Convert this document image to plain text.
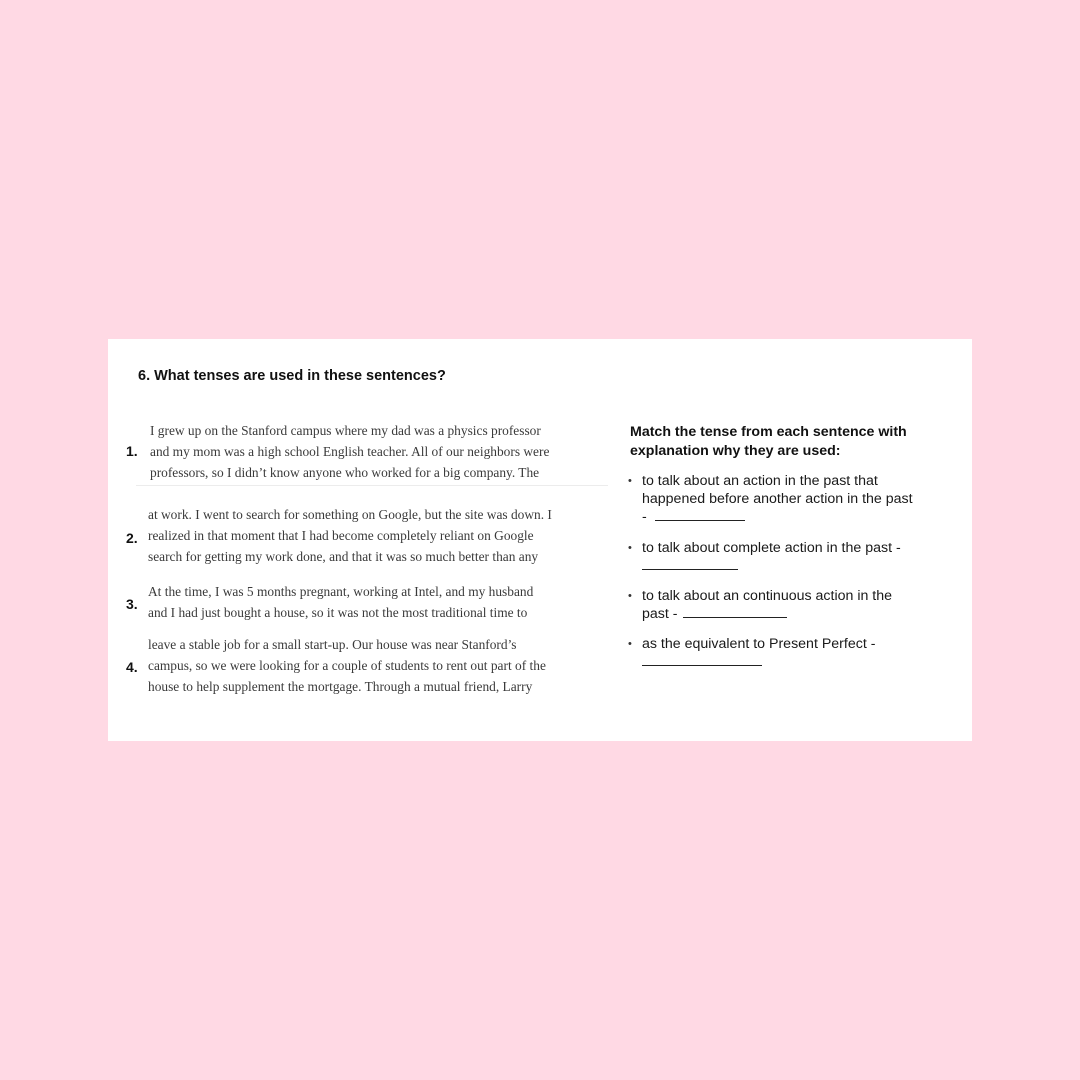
6. What tenses are used in these sentences?
1.
I grew up on the Stanford campus where my dad was a physics professor
and my mom was a high school English teacher. All of our neighbors were
professors, so I didn’t know anyone who worked for a big company. The
2.
at work. I went to search for something on Google, but the site was down. I
realized in that moment that I had become completely reliant on Google
search for getting my work done, and that it was so much better than any
3.
At the time, I was 5 months pregnant, working at Intel, and my husband
and I had just bought a house, so it was not the most traditional time to
4.
leave a stable job for a small start-up. Our house was near Stanford’s
campus, so we were looking for a couple of students to rent out part of the
house to help supplement the mortgage. Through a mutual friend, Larry
Match the tense from each sentence with
explanation why they are used:
• to talk about an action in the past that
happened before another action in the past
-
• to talk about complete action in the past -
• to talk about an continuous action in the
past -
• as the equivalent to Present Perfect -
